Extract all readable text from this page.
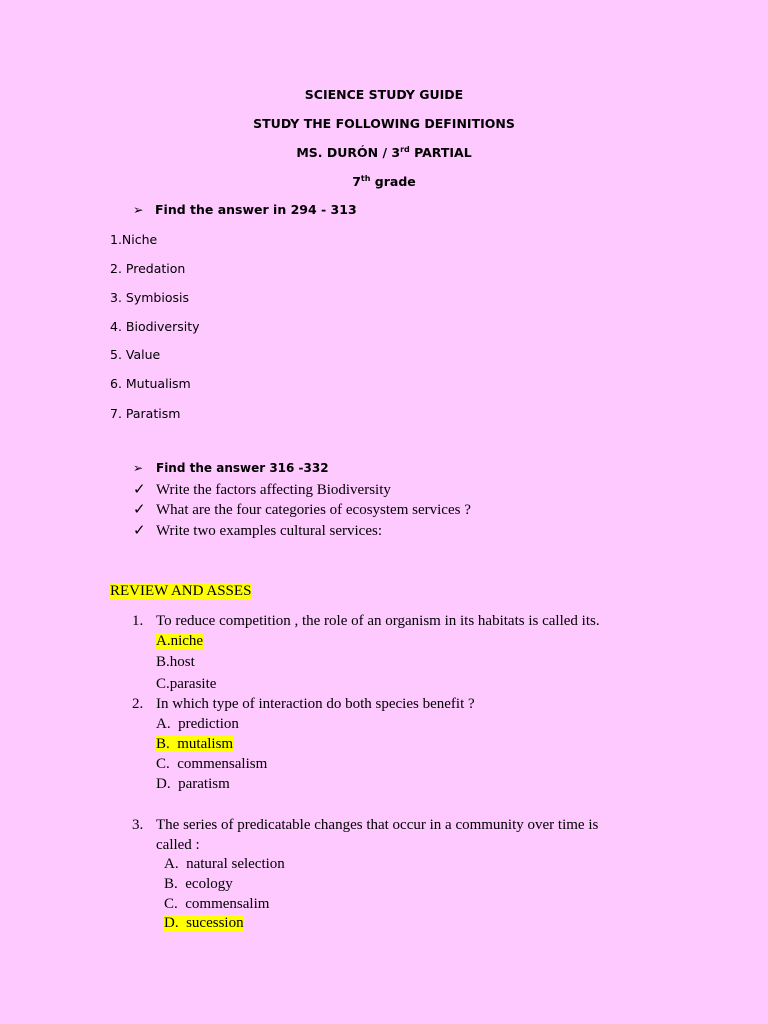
SCIENCE STUDY GUIDE
STUDY THE FOLLOWING DEFINITIONS
MS. DURÓN / 3rd PARTIAL
7th grade
➢ Find the answer in 294 - 313
1.Niche
2. Predation
3. Symbiosis
4. Biodiversity
5. Value
6. Mutualism
7. Paratism
➢ Find the answer 316 -332
✓ Write the factors affecting Biodiversity
✓ What are the four categories of ecosystem services ?
✓ Write two examples cultural services:
REVIEW AND ASSES
1. To reduce competition , the role of an organism in its habitats is called its.
A.niche
B.host
C.parasite
2. In which type of interaction do both species benefit ?
A. prediction
B. mutalism
C. commensalism
D. paratism
3. The series of predicatable changes that occur in a community over time is
called :
A. natural selection
B. ecology
C. commensalim
D. sucession
